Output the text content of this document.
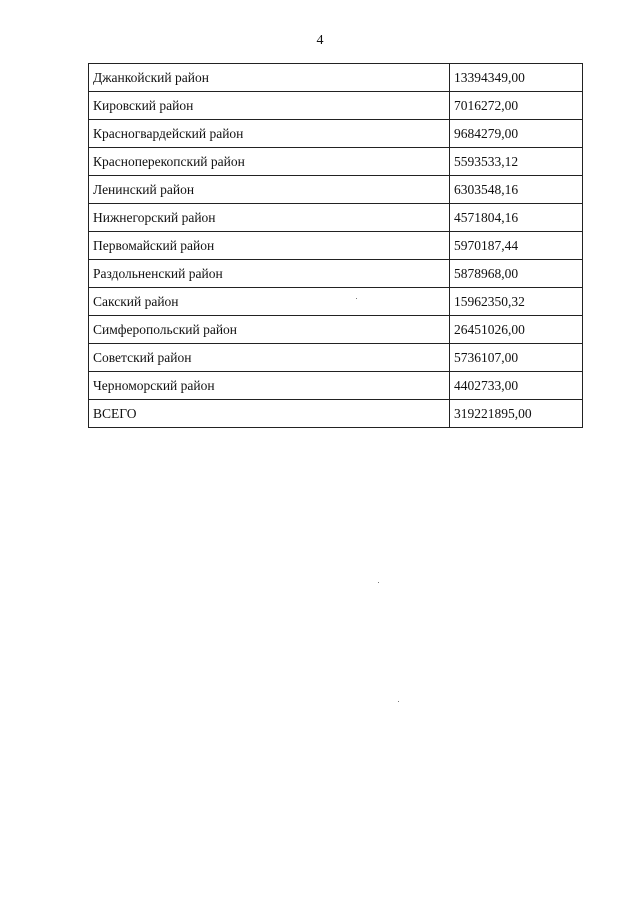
4
Джанкойский район	13394349,00
Кировский район	7016272,00
Красногвардейский район	9684279,00
Красноперекопский район	5593533,12
Ленинский район	6303548,16
Нижнегорский район	4571804,16
Первомайский район	5970187,44
Раздольненский район	5878968,00
Сакский район	15962350,32
Симферопольский район	26451026,00
Советский район	5736107,00
Черноморский район	4402733,00
ВСЕГО	319221895,00
